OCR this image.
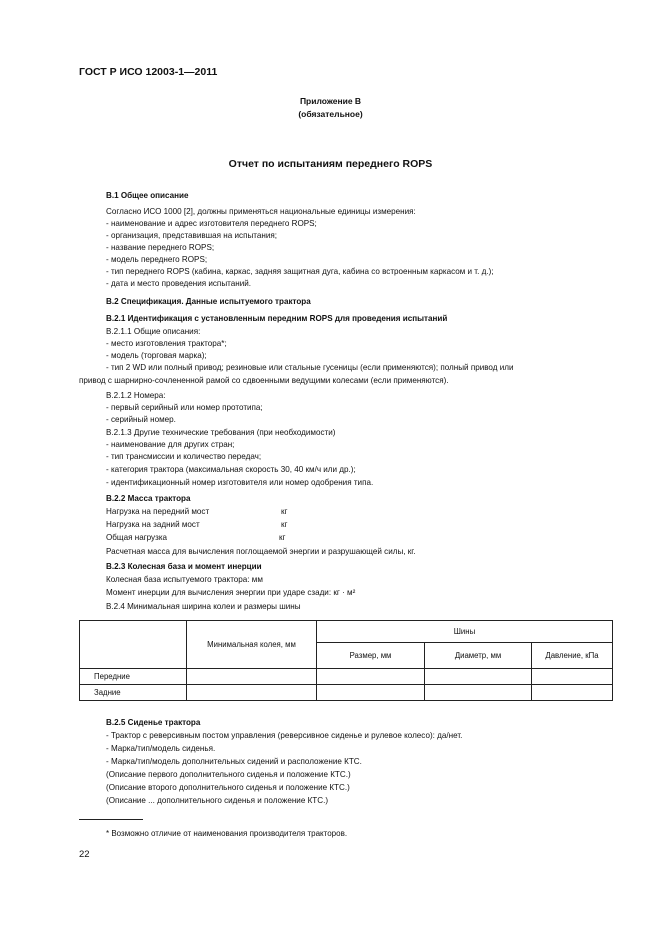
ГОСТ Р ИСО 12003-1—2011
Приложение В
(обязательное)
Отчет по испытаниям переднего ROPS
В.1 Общее описание
Согласно ИСО 1000 [2], должны применяться национальные единицы измерения:
- наименование и адрес изготовителя переднего ROPS;
- организация, представившая на испытания;
- название переднего ROPS;
- модель переднего ROPS;
- тип переднего ROPS (кабина, каркас, задняя защитная дуга, кабина со встроенным каркасом и т. д.);
- дата и место проведения испытаний.
В.2 Спецификация. Данные испытуемого трактора
В.2.1 Идентификация с установленным передним ROPS для проведения испытаний
В.2.1.1 Общие описания:
- место изготовления трактора*;
- модель (торговая марка);
- тип 2 WD или полный привод; резиновые или стальные гусеницы (если применяются); полный привод или
привод с шарнирно-сочлененной рамой со сдвоенными ведущими колесами (если применяются).
В.2.1.2 Номера:
- первый серийный или номер прототипа;
- серийный номер.
В.2.1.3 Другие технические требования (при необходимости)
- наименование для других стран;
- тип трансмиссии и количество передач;
- категория трактора (максимальная скорость 30, 40 км/ч или др.);
- идентификационный номер изготовителя или номер одобрения типа.
В.2.2 Масса трактора
Нагрузка на передний мост	кг
Нагрузка на задний мост	кг
Общая нагрузка	кг
Расчетная масса для вычисления поглощаемой энергии и разрушающей силы, кг.
В.2.3 Колесная база и момент инерции
Колесная база испытуемого трактора: мм
Момент инерции для вычисления энергии при ударе сзади: кг · м²
В.2.4 Минимальная ширина колеи и размеры шины
	Минимальная колея, мм	Шины		
		Размер, мм	Диаметр, мм	Давление, кПа
Передние				
Задние				
В.2.5 Сиденье трактора
- Трактор с реверсивным постом управления (реверсивное сиденье и рулевое колесо): да/нет.
- Марка/тип/модель сиденья.
- Марка/тип/модель дополнительных сидений и расположение КТС.
(Описание первого дополнительного сиденья и положение КТС.)
(Описание второго дополнительного сиденья и положение КТС.)
(Описание ... дополнительного сиденья и положение КТС.)
* Возможно отличие от наименования производителя тракторов.
22
